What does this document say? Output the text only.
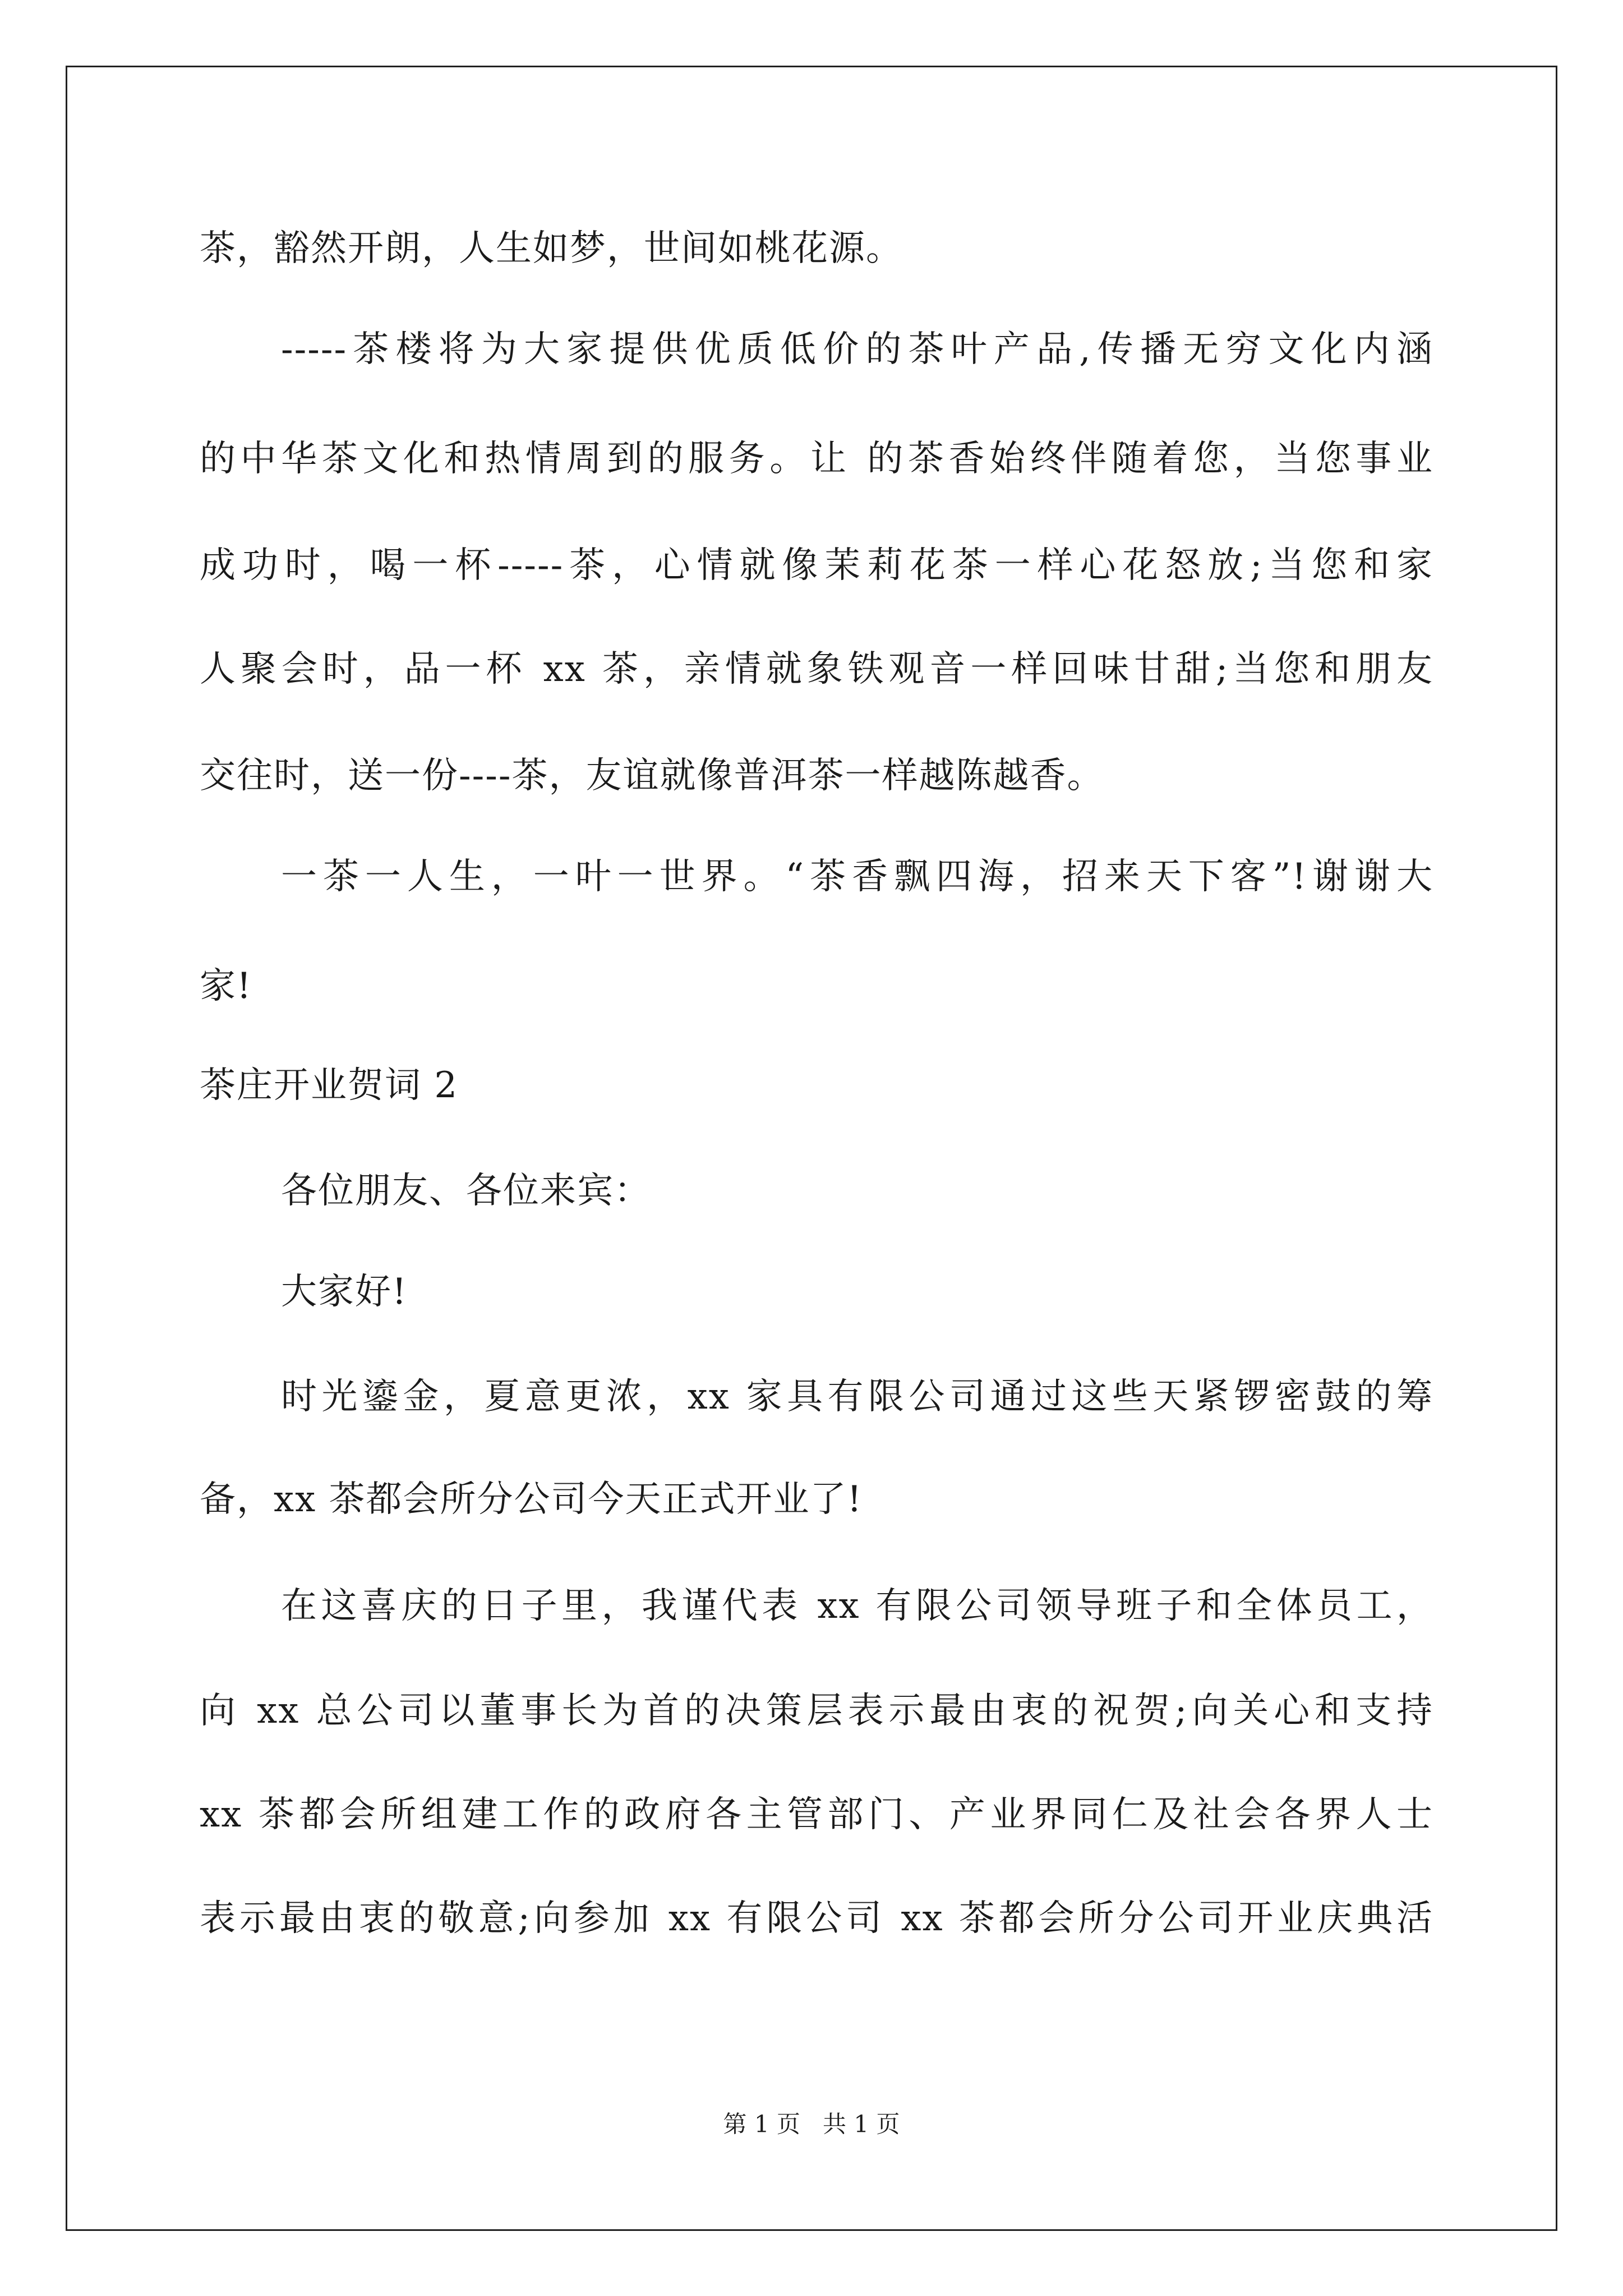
茶，豁然开朗，人生如梦，世间如桃花源。
-----茶楼将为大家提供优质低价的茶叶产品,传播无穷文化内涵
的中华茶文化和热情周到的服务。让 的茶香始终伴随着您，当您事业
成功时，喝一杯-----茶，心情就像茉莉花茶一样心花怒放;当您和家
人聚会时，品一杯 xx 茶，亲情就象铁观音一样回味甘甜;当您和朋友
交往时，送一份----茶，友谊就像普洱茶一样越陈越香。
一茶一人生，一叶一世界。“茶香飘四海，招来天下客”!谢谢大
家!
茶庄开业贺词 2
各位朋友、各位来宾：
大家好!
时光鎏金，夏意更浓，xx 家具有限公司通过这些天紧锣密鼓的筹
备，xx 茶都会所分公司今天正式开业了!
在这喜庆的日子里，我谨代表 xx 有限公司领导班子和全体员工，
向 xx 总公司以董事长为首的决策层表示最由衷的祝贺;向关心和支持
xx 茶都会所组建工作的政府各主管部门、产业界同仁及社会各界人士
表示最由衷的敬意;向参加 xx 有限公司 xx 茶都会所分公司开业庆典活
第 1 页   共 1 页
